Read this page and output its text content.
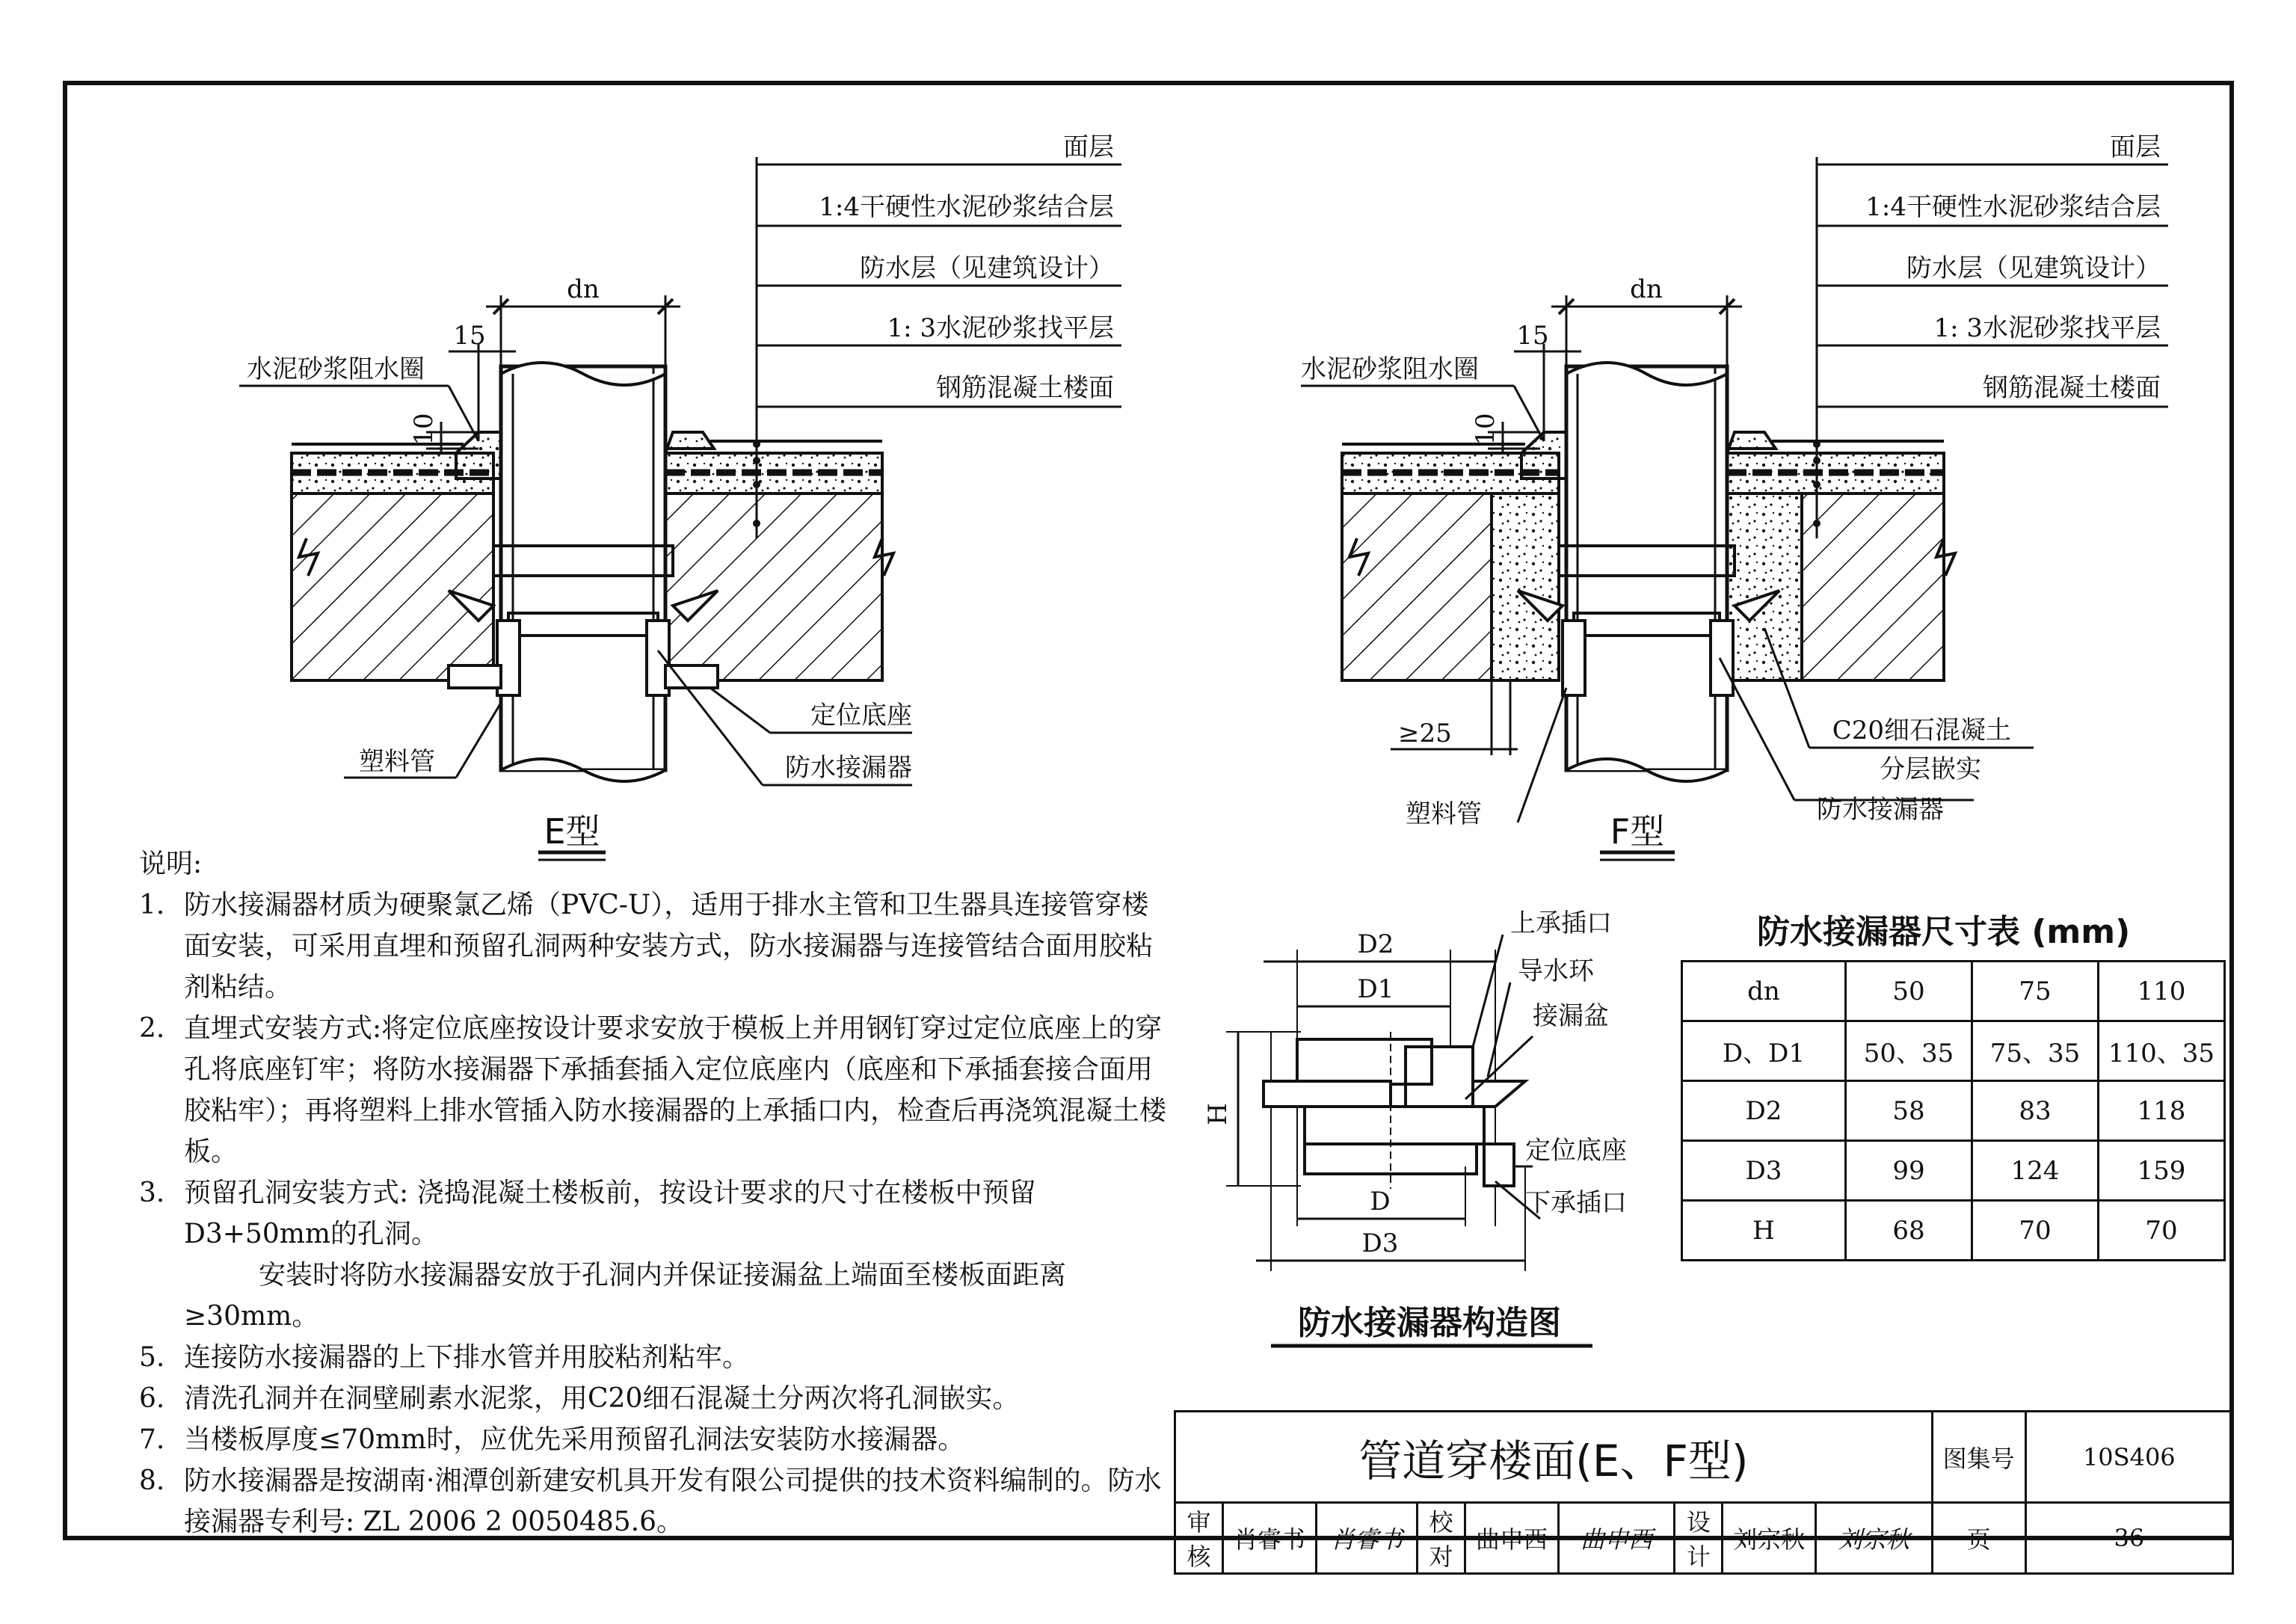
面层
1:4干硬性水泥砂浆结合层
防水层（见建筑设计）
1: 3水泥砂浆找平层
钢筋混凝土楼面
dn
15
10
水泥砂浆阻水圈
定位底座
防水接漏器
塑料管
E型
面层
1:4干硬性水泥砂浆结合层
防水层（见建筑设计）
1: 3水泥砂浆找平层
钢筋混凝土楼面
dn
15
10
水泥砂浆阻水圈
≥25	C20细石混凝土
分层嵌实
防水接漏器
塑料管	F型
D2
D1
D
D3
H
上承插口
导水环
接漏盆
定位底座
下承插口
防水接漏器构造图
说明:
1. 防水接漏器材质为硬聚氯乙烯（PVC-U），适用于排水主管和卫生器具连接管穿楼面安装，可采用直埋和预留孔洞两种安装方式，防水接漏器与连接管结合面用胶粘剂粘结。
2. 直埋式安装方式:将定位底座按设计要求安放于模板上并用钢钉穿过定位底座上的穿孔将底座钉牢；将防水接漏器下承插套插入定位底座内（底座和下承插套接合面用胶粘牢）；再将塑料上排水管插入防水接漏器的上承插口内，检查后再浇筑混凝土楼板。
3. 预留孔洞安装方式: 浇捣混凝土楼板前，按设计要求的尺寸在楼板中预留D3+50mm的孔洞。
安装时将防水接漏器安放于孔洞内并保证接漏盆上端面至楼板面距离≥30mm。
5. 连接防水接漏器的上下排水管并用胶粘剂粘牢。
6. 清洗孔洞并在洞壁刷素水泥浆，用C20细石混凝土分两次将孔洞嵌实。
7. 当楼板厚度≤70mm时，应优先采用预留孔洞法安装防水接漏器。
8. 防水接漏器是按湖南·湘潭创新建安机具开发有限公司提供的技术资料编制的。防水接漏器专利号: ZL 2006 2 0050485.6。
防水接漏器尺寸表 (mm)
dn	50	75	110
D、D1	50、35	75、35	110、35
D2	58	83	118
D3	99	124	159
H	68	70	70
管道穿楼面(E、F型)									图集号	10S406
审核	肖睿书	肖睿书	校对	曲申西	曲申西	设计	刘宗秋	刘宗秋	页	36
